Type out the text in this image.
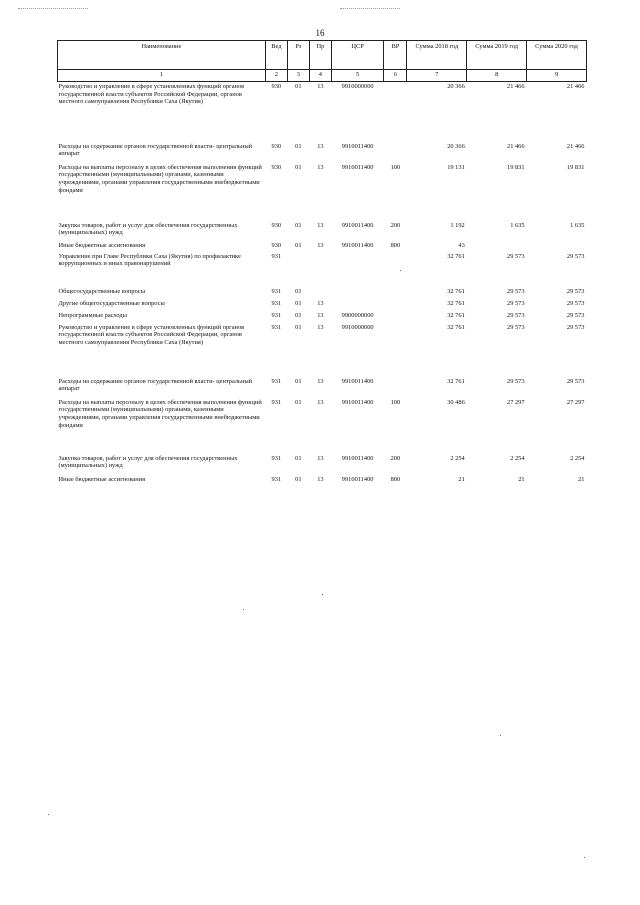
16
Наименование	Вед	Рз	Пр	ЦСР	ВР	Сумма 2018 год	Сумма 2019 год	Сумма 2020 год
1	2	3	4	5	6	7	8	9
Руководство и управление в сфере установленных функций органов государственной власти субъектов Российской Федерации, органов местного самоуправления Республики Саха (Якутия)	930	01	13	9910000000		20 366	21 466	21 466
Расходы на содержание органов государственной власти- центральный аппарат	930	01	13	9910011400		20 366	21 466	21 466
Расходы на выплаты персоналу в целях обеспечения выполнения функций государственными (муниципальными) органами, казенными учреждениями, органами управления государственными внебюджетными фондами	930	01	13	9910011400	100	19 131	19 831	19 831
Закупка товаров, работ и услуг для обеспечения государственных (муниципальных) нужд	930	01	13	9910011400	200	1 192	1 635	1 635
Иные бюджетные ассигнования	930	01	13	9910011400	800	43		
Управление при Главе Республики Саха (Якутия) по профилактике коррупционных и иных правонарушений	931					32 761	29 573	29 573
Общегосударственные вопросы	931	01				32 761	29 573	29 573
Другие общегосударственные вопросы	931	01	13			32 761	29 573	29 573
Непрограммные расходы	931	01	13	9900000000		32 761	29 573	29 573
Руководство и управление в сфере установленных функций органов государственной власти субъектов Российской Федерации, органов местного самоуправления Республики Саха (Якутия)	931	01	13	9910000000		32 761	29 573	29 573
Расходы на содержание органов государственной власти- центральный аппарат	931	01	13	9910011400		32 761	29 573	29 573
Расходы на выплаты персоналу в целях обеспечения выполнения функций государственными (муниципальными) органами, казенными учреждениями, органами управления государственными внебюджетными фондами	931	01	13	9910011400	100	30 486	27 297	27 297
Закупка товаров, работ и услуг для обеспечения государственных (муниципальных) нужд	931	01	13	9910011400	200	2 254	2 254	2 254
Иные бюджетные ассигнования	931	01	13	9910011400	800	21	21	21
